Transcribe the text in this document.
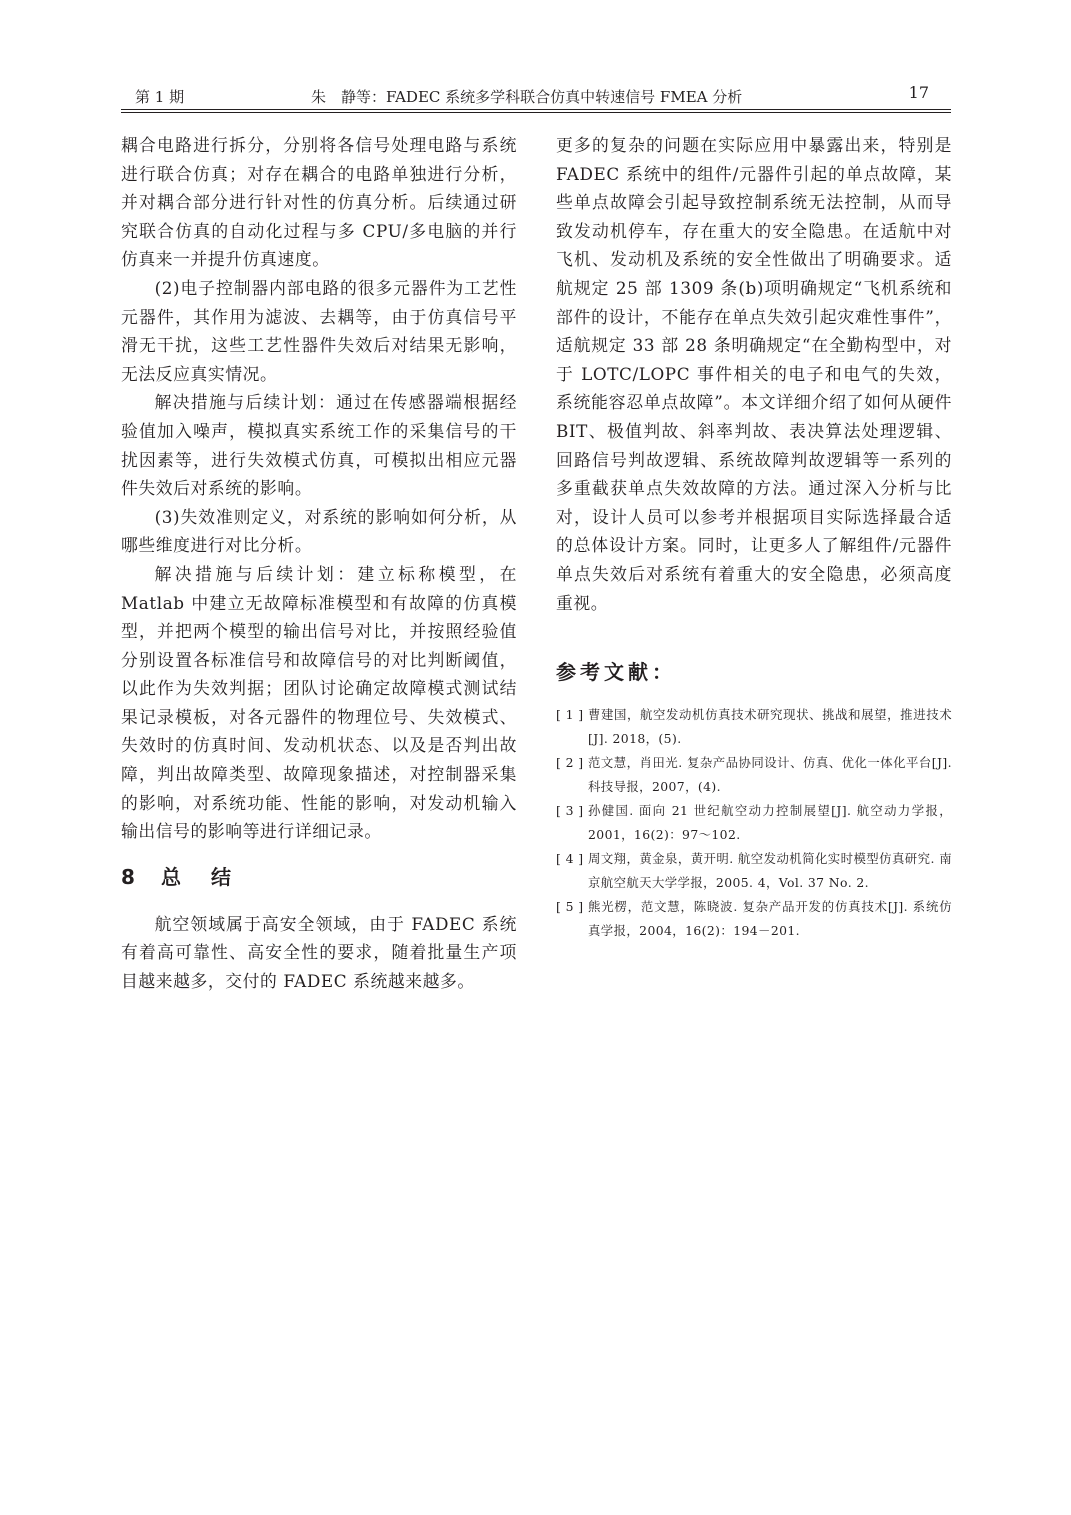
第 1 期	朱　静等：FADEC 系统多学科联合仿真中转速信号 FMEA 分析	17

耦合电路进行拆分，分别将各信号处理电路与系统进行联合仿真；对存在耦合的电路单独进行分析，并对耦合部分进行针对性的仿真分析。后续通过研究联合仿真的自动化过程与多 CPU/多电脑的并行仿真来一并提升仿真速度。

(2)电子控制器内部电路的很多元器件为工艺性元器件，其作用为滤波、去耦等，由于仿真信号平滑无干扰，这些工艺性器件失效后对结果无影响，无法反应真实情况。

解决措施与后续计划：通过在传感器端根据经验值加入噪声，模拟真实系统工作的采集信号的干扰因素等，进行失效模式仿真，可模拟出相应元器件失效后对系统的影响。

(3)失效准则定义，对系统的影响如何分析，从哪些维度进行对比分析。

解决措施与后续计划：建立标称模型，在 Matlab 中建立无故障标准模型和有故障的仿真模型，并把两个模型的输出信号对比，并按照经验值分别设置各标准信号和故障信号的对比判断阈值，以此作为失效判据；团队讨论确定故障模式测试结果记录模板，对各元器件的物理位号、失效模式、失效时的仿真时间、发动机状态、以及是否判出故障，判出故障类型、故障现象描述，对控制器采集的影响，对系统功能、性能的影响，对发动机输入输出信号的影响等进行详细记录。

8 总结

航空领域属于高安全领域，由于 FADEC 系统有着高可靠性、高安全性的要求，随着批量生产项目越来越多，交付的 FADEC 系统越来越多。

更多的复杂的问题在实际应用中暴露出来，特别是 FADEC 系统中的组件/元器件引起的单点故障，某些单点故障会引起导致控制系统无法控制，从而导致发动机停车，存在重大的安全隐患。在适航中对飞机、发动机及系统的安全性做出了明确要求。适航规定 25 部 1309 条(b)项明确规定“飞机系统和部件的设计，不能存在单点失效引起灾难性事件”，适航规定 33 部 28 条明确规定“在全勤构型中，对于 LOTC/LOPC 事件相关的电子和电气的失效，系统能容忍单点故障”。本文详细介绍了如何从硬件 BIT、极值判故、斜率判故、表决算法处理逻辑、回路信号判故逻辑、系统故障判故逻辑等一系列的多重截获单点失效故障的方法。通过深入分析与比对，设计人员可以参考并根据项目实际选择最合适的总体设计方案。同时，让更多人了解组件/元器件单点失效后对系统有着重大的安全隐患，必须高度重视。

参考文献：
[ 1 ] 曹建国，航空发动机仿真技术研究现状、挑战和展望，推进技术[J]. 2018，(5).
[ 2 ] 范文慧，肖田光. 复杂产品协同设计、仿真、优化一体化平台[J]. 科技导报，2007，(4).
[ 3 ] 孙健国. 面向 21 世纪航空动力控制展望[J]. 航空动力学报，2001，16(2)：97～102.
[ 4 ] 周文翔，黄金泉，黄开明. 航空发动机简化实时模型仿真研究. 南京航空航天大学学报，2005. 4，Vol. 37 No. 2.
[ 5 ] 熊光楞，范文慧，陈晓波. 复杂产品开发的仿真技术[J]. 系统仿真学报，2004，16(2)：194－201.
